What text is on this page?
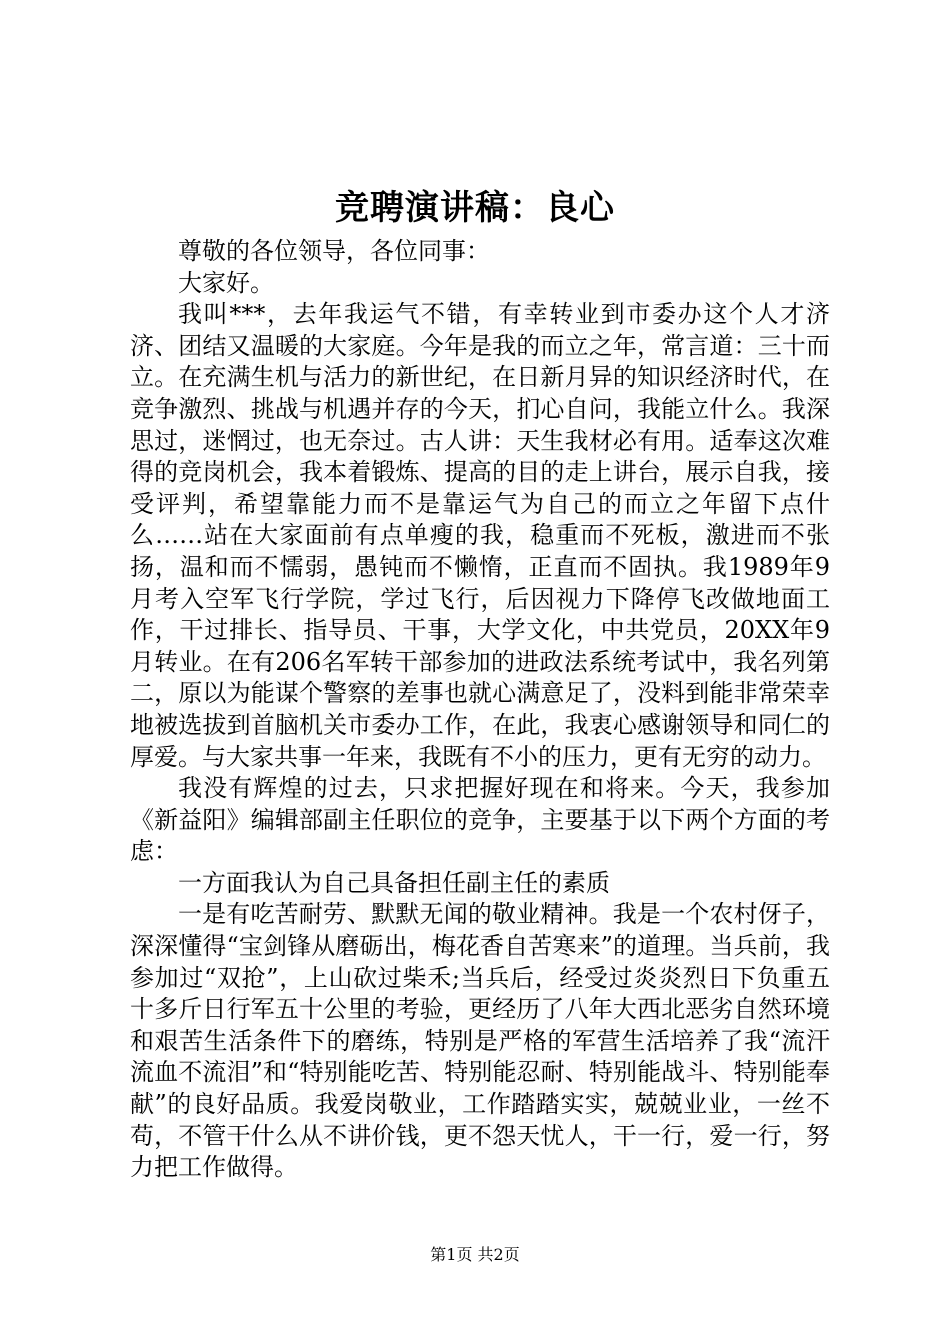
竞聘演讲稿：良心

尊敬的各位领导，各位同事：

大家好。

我叫***，去年我运气不错，有幸转业到市委办这个人才济济、团结又温暖的大家庭。今年是我的而立之年，常言道：三十而立。在充满生机与活力的新世纪，在日新月异的知识经济时代，在竞争激烈、挑战与机遇并存的今天，扪心自问，我能立什么。我深思过，迷惘过，也无奈过。古人讲：天生我材必有用。适奉这次难得的竞岗机会，我本着锻炼、提高的目的走上讲台，展示自我，接受评判，希望靠能力而不是靠运气为自己的而立之年留下点什么……站在大家面前有点单瘦的我，稳重而不死板，激进而不张扬，温和而不懦弱，愚钝而不懒惰，正直而不固执。我1989年9月考入空军飞行学院，学过飞行，后因视力下降停飞改做地面工作，干过排长、指导员、干事，大学文化，中共党员，20XX年9月转业。在有206名军转干部参加的进政法系统考试中，我名列第二，原以为能谋个警察的差事也就心满意足了，没料到能非常荣幸地被选拔到首脑机关市委办工作，在此，我衷心感谢领导和同仁的厚爱。与大家共事一年来，我既有不小的压力，更有无穷的动力。

我没有辉煌的过去，只求把握好现在和将来。今天，我参加《新益阳》编辑部副主任职位的竞争，主要基于以下两个方面的考虑：

一方面我认为自己具备担任副主任的素质

一是有吃苦耐劳、默默无闻的敬业精神。我是一个农村伢子，深深懂得“宝剑锋从磨砺出，梅花香自苦寒来”的道理。当兵前，我参加过“双抢”，上山砍过柴禾;当兵后，经受过炎炎烈日下负重五十多斤日行军五十公里的考验，更经历了八年大西北恶劣自然环境和艰苦生活条件下的磨练，特别是严格的军营生活培养了我“流汗流血不流泪”和“特别能吃苦、特别能忍耐、特别能战斗、特别能奉献”的良好品质。我爱岗敬业，工作踏踏实实，兢兢业业，一丝不苟，不管干什么从不讲价钱，更不怨天忧人，干一行，爱一行，努力把工作做得。

第1页 共2页
